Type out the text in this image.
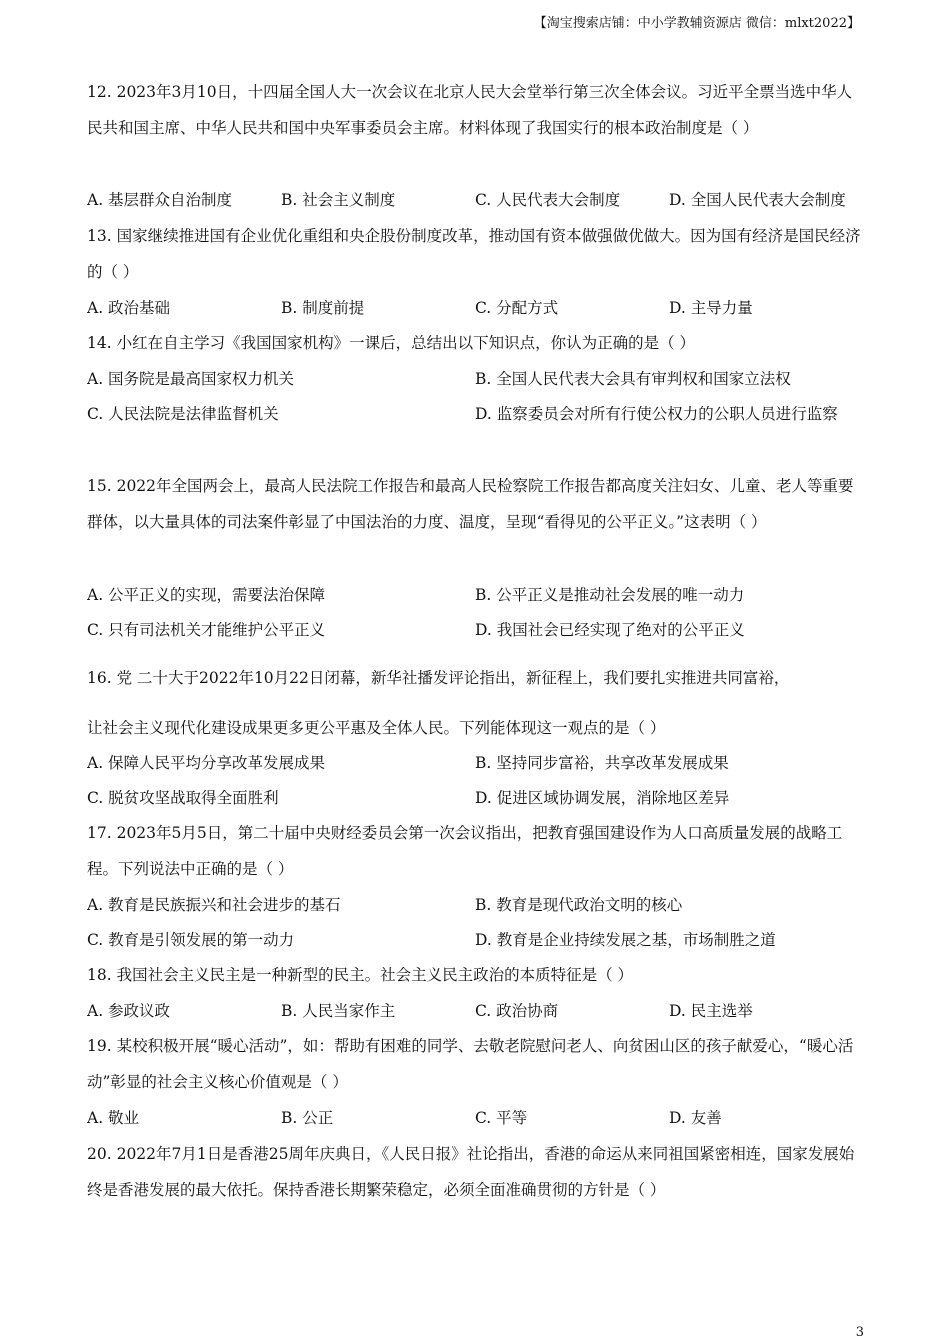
【淘宝搜索店铺：中小学教辅资源店 微信：mlxt2022】
12. 2023年3月10日，十四届全国人大一次会议在北京人民大会堂举行第三次全体会议。习近平全票当选中华人民共和国主席、中华人民共和国中央军事委员会主席。材料体现了我国实行的根本政治制度是（ ）
A. 基层群众自治制度	B. 社会主义制度	C. 人民代表大会制度	D. 全国人民代表大会制度
13. 国家继续推进国有企业优化重组和央企股份制度改革，推动国有资本做强做优做大。因为国有经济是国民经济的（ ）
A. 政治基础	B. 制度前提	C. 分配方式	D. 主导力量
14. 小红在自主学习《我国国家机构》一课后，总结出以下知识点，你认为正确的是（ ）
A. 国务院是最高国家权力机关	B. 全国人民代表大会具有审判权和国家立法权
C. 人民法院是法律监督机关	D. 监察委员会对所有行使公权力的公职人员进行监察
15. 2022年全国两会上，最高人民法院工作报告和最高人民检察院工作报告都高度关注妇女、儿童、老人等重要群体，以大量具体的司法案件彰显了中国法治的力度、温度，呈现“看得见的公平正义。”这表明（ ）
A. 公平正义的实现，需要法治保障	B. 公平正义是推动社会发展的唯一动力
C. 只有司法机关才能维护公平正义	D. 我国社会已经实现了绝对的公平正义
16. 党 二十大于2022年10月22日闭幕，新华社播发评论指出，新征程上，我们要扎实推进共同富裕，
让社会主义现代化建设成果更多更公平惠及全体人民。下列能体现这一观点的是（ ）
A. 保障人民平均分享改革发展成果	B. 坚持同步富裕，共享改革发展成果
C. 脱贫攻坚战取得全面胜利	D. 促进区域协调发展，消除地区差异
17. 2023年5月5日，第二十届中央财经委员会第一次会议指出，把教育强国建设作为人口高质量发展的战略工程。下列说法中正确的是（ ）
A. 教育是民族振兴和社会进步的基石	B. 教育是现代政治文明的核心
C. 教育是引领发展的第一动力	D. 教育是企业持续发展之基，市场制胜之道
18. 我国社会主义民主是一种新型的民主。社会主义民主政治的本质特征是（ ）
A. 参政议政	B. 人民当家作主	C. 政治协商	D. 民主选举
19. 某校积极开展“暖心活动”，如：帮助有困难的同学、去敬老院慰问老人、向贫困山区的孩子献爱心，“暖心活动”彰显的社会主义核心价值观是（ ）
A. 敬业	B. 公正	C. 平等	D. 友善
20. 2022年7月1日是香港25周年庆典日，《人民日报》社论指出，香港的命运从来同祖国紧密相连，国家发展始终是香港发展的最大依托。保持香港长期繁荣稳定，必须全面准确贯彻的方针是（ ）
3
